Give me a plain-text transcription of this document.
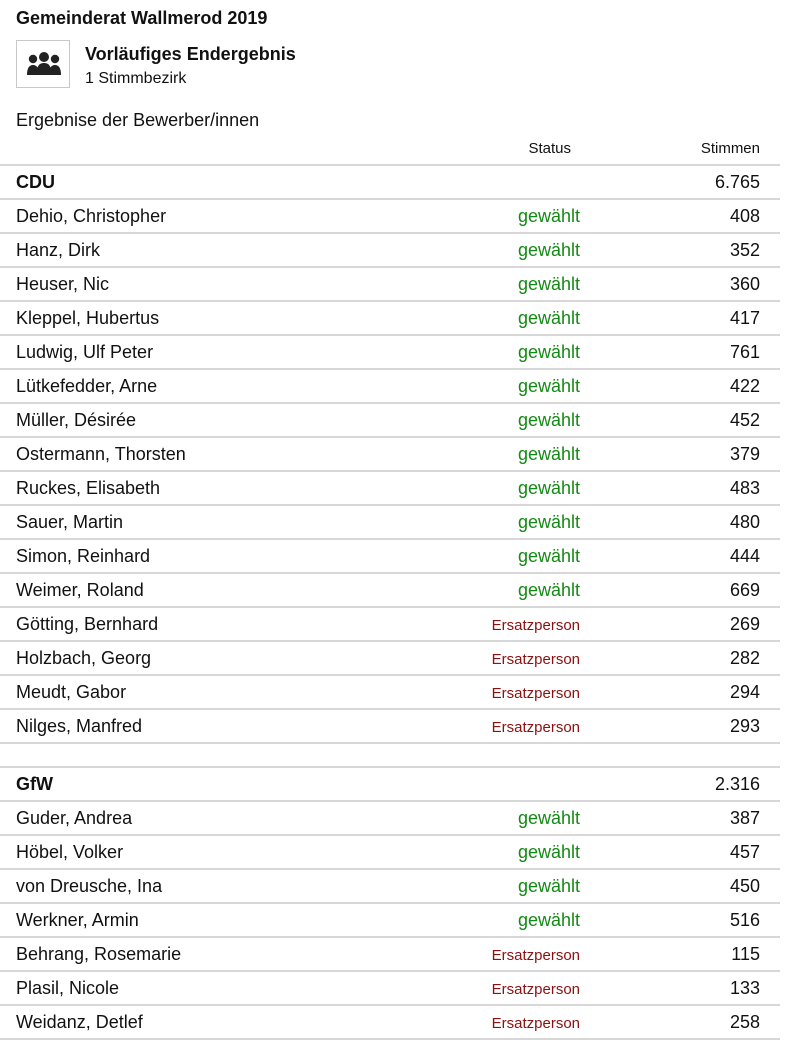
Gemeinderat Wallmerod 2019
Vorläufiges Endergebnis
1 Stimmbezirk
Ergebnise der Bewerber/innen
Status	Stimmen
CDU	6.765
Dehio, Christopher	gewählt	408
Hanz, Dirk	gewählt	352
Heuser, Nic	gewählt	360
Kleppel, Hubertus	gewählt	417
Ludwig, Ulf Peter	gewählt	761
Lütkefedder, Arne	gewählt	422
Müller, Désirée	gewählt	452
Ostermann, Thorsten	gewählt	379
Ruckes, Elisabeth	gewählt	483
Sauer, Martin	gewählt	480
Simon, Reinhard	gewählt	444
Weimer, Roland	gewählt	669
Götting, Bernhard	Ersatzperson	269
Holzbach, Georg	Ersatzperson	282
Meudt, Gabor	Ersatzperson	294
Nilges, Manfred	Ersatzperson	293
GfW	2.316
Guder, Andrea	gewählt	387
Höbel, Volker	gewählt	457
von Dreusche, Ina	gewählt	450
Werkner, Armin	gewählt	516
Behrang, Rosemarie	Ersatzperson	115
Plasil, Nicole	Ersatzperson	133
Weidanz, Detlef	Ersatzperson	258
